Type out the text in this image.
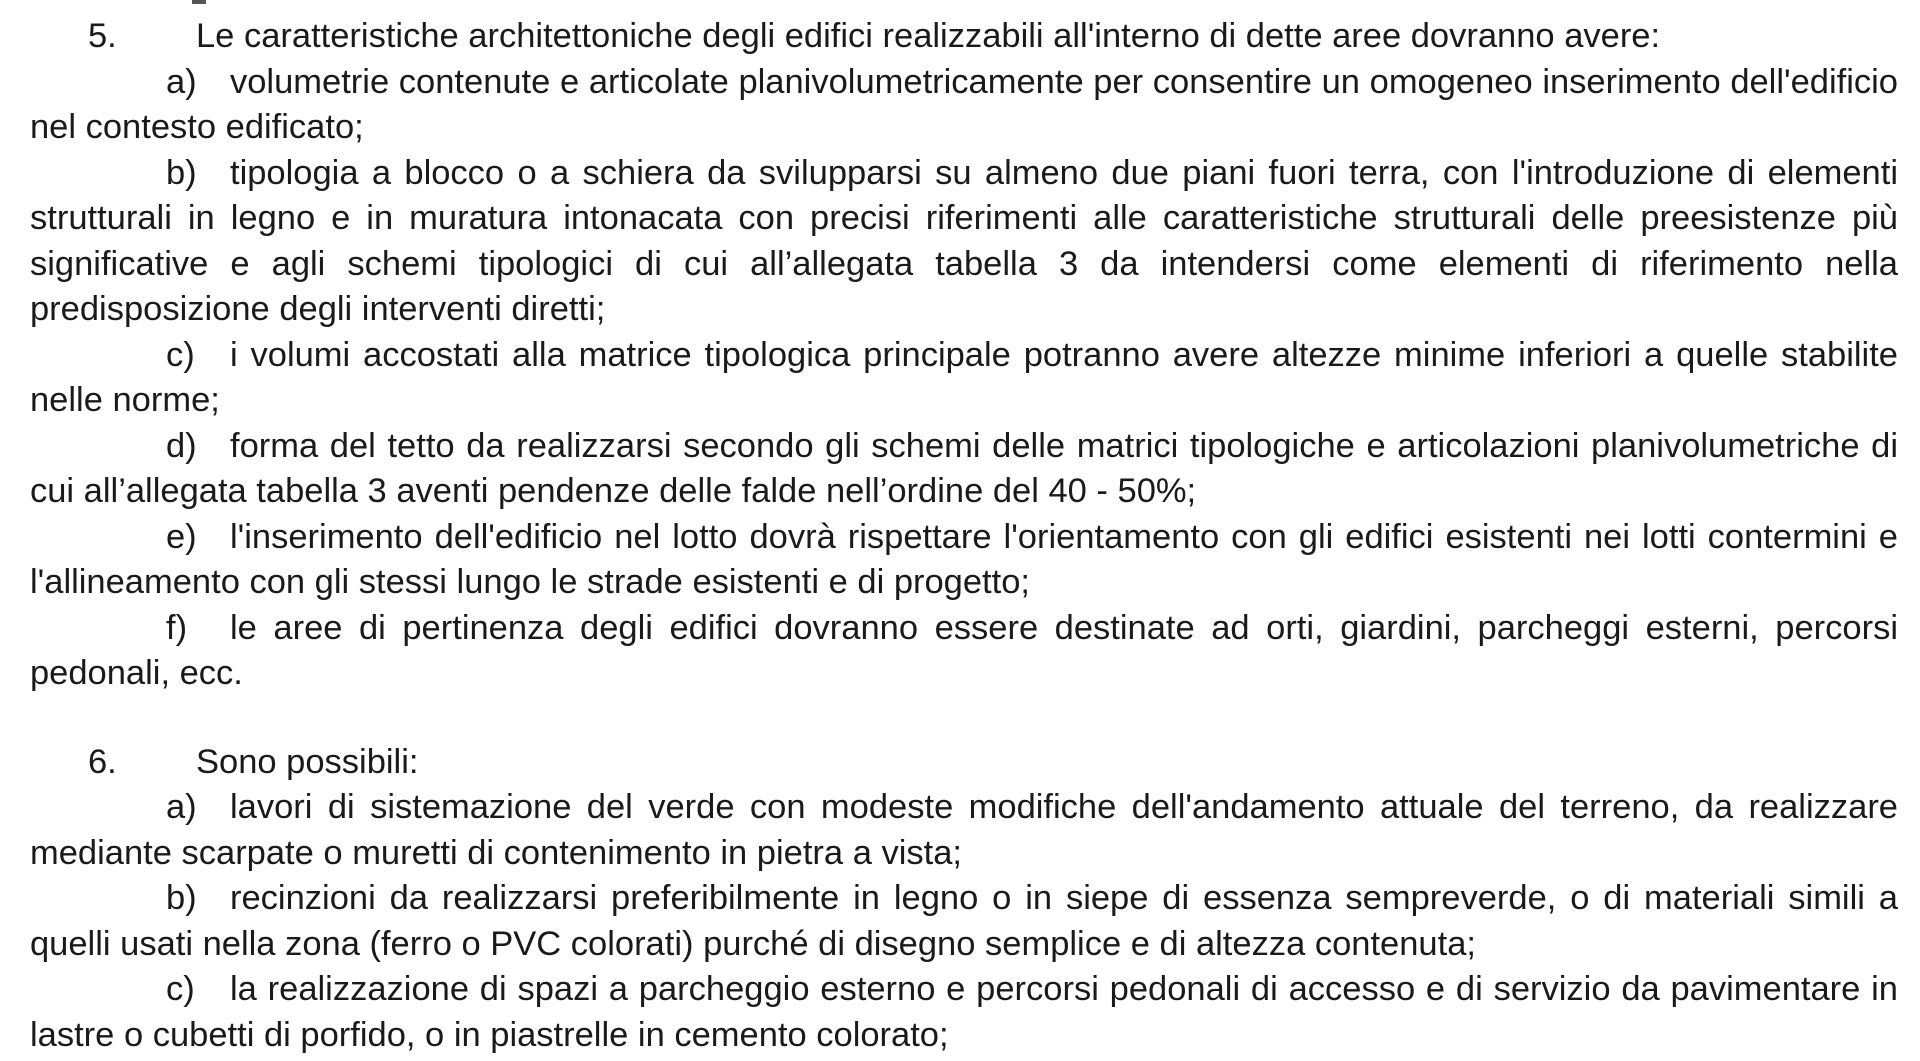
5. Le caratteristiche architettoniche degli edifici realizzabili all'interno di dette aree dovranno avere:
a) volumetrie contenute e articolate planivolumetricamente per consentire un omogeneo inserimento dell'edificio nel contesto edificato;
b) tipologia a blocco o a schiera da svilupparsi su almeno due piani fuori terra, con l'introduzione di elementi strutturali in legno e in muratura intonacata con precisi riferimenti alle caratteristiche strutturali delle preesistenze più significative e agli schemi tipologici di cui all’allegata tabella 3 da intendersi come elementi di riferimento nella predisposizione degli interventi diretti;
c) i volumi accostati alla matrice tipologica principale potranno avere altezze minime inferiori a quelle stabilite nelle norme;
d) forma del tetto da realizzarsi secondo gli schemi delle matrici tipologiche e articolazioni planivolumetriche di cui all’allegata tabella 3 aventi pendenze delle falde nell’ordine del 40 - 50%;
e) l'inserimento dell'edificio nel lotto dovrà rispettare l'orientamento con gli edifici esistenti nei lotti contermini e l'allineamento con gli stessi lungo le strade esistenti e di progetto;
f) le aree di pertinenza degli edifici dovranno essere destinate ad orti, giardini, parcheggi esterni, percorsi pedonali, ecc.
6. Sono possibili:
a) lavori di sistemazione del verde con modeste modifiche dell'andamento attuale del terreno, da realizzare mediante scarpate o muretti di contenimento in pietra a vista;
b) recinzioni da realizzarsi preferibilmente in legno o in siepe di essenza sempreverde, o di materiali simili a quelli usati nella zona (ferro o PVC colorati) purché di disegno semplice e di altezza contenuta;
c) la realizzazione di spazi a parcheggio esterno e percorsi pedonali di accesso e di servizio da pavimentare in lastre o cubetti di porfido, o in piastrelle in cemento colorato;
